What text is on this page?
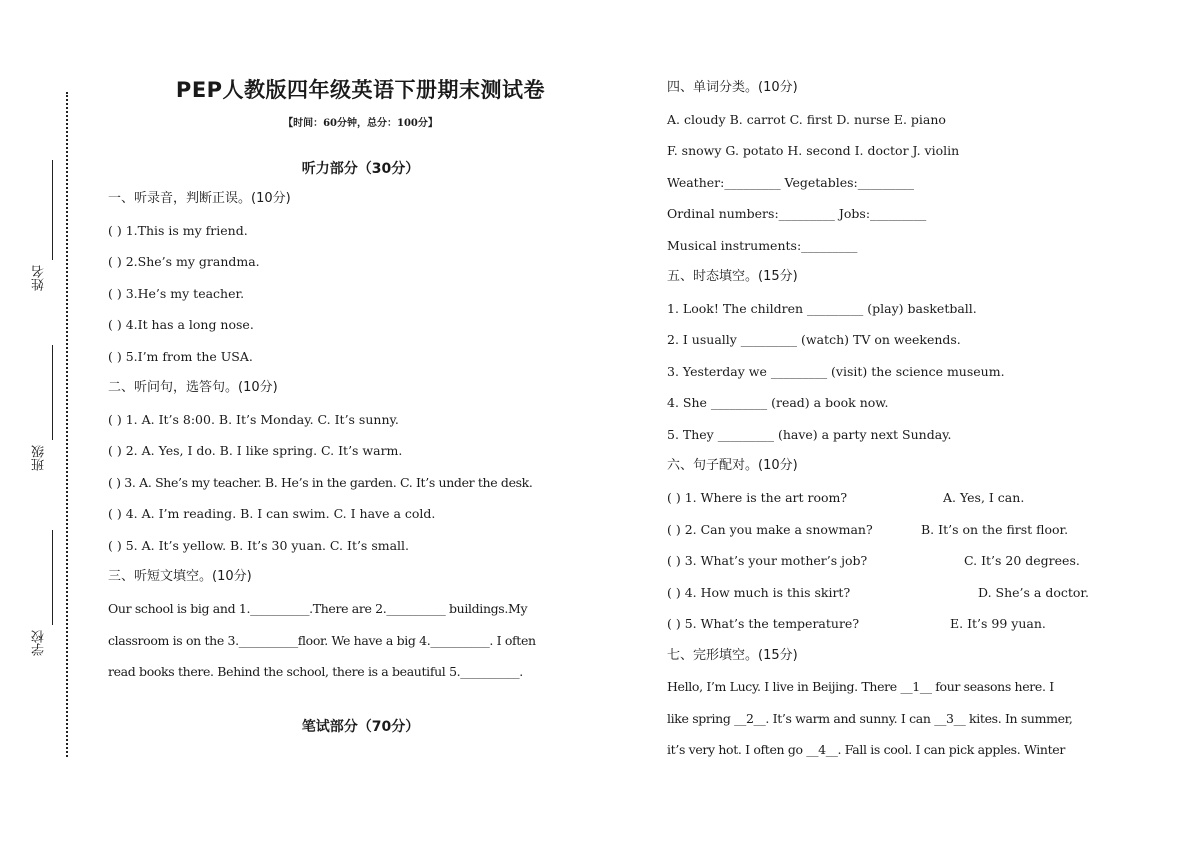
姓名
班级
学校
PEP人教版四年级英语下册期末测试卷
【时间：60分钟，总分：100分】
听力部分（30分）
一、听录音，判断正误。(10分)
( ) 1.This is my friend.
( ) 2.She’s my grandma.
( ) 3.He’s my teacher.
( ) 4.It has a long nose.
( ) 5.I’m from the USA.
二、听问句，选答句。(10分)
( ) 1. A. It’s 8:00. B. It’s Monday. C. It’s sunny.
( ) 2. A. Yes, I do. B. I like spring. C. It’s warm.
( ) 3. A. She’s my teacher. B. He’s in the garden. C. It’s under the desk.
( ) 4. A. I’m reading. B. I can swim. C. I have a cold.
( ) 5. A. It’s yellow. B. It’s 30 yuan. C. It’s small.
三、听短文填空。(10分)
Our school is big and 1.__________.There are 2.__________ buildings.My
classroom is on the 3.__________floor. We have a big 4.__________. I often
read books there. Behind the school, there is a beautiful 5.__________.
笔试部分（70分）
四、单词分类。(10分)
A. cloudy B. carrot C. first D. nurse E. piano
F. snowy G. potato H. second I. doctor J. violin
Weather:_________ Vegetables:_________
Ordinal numbers:_________ Jobs:_________
Musical instruments:_________
五、时态填空。(15分)
1. Look! The children _________ (play) basketball.
2. I usually _________ (watch) TV on weekends.
3. Yesterday we _________ (visit) the science museum.
4. She _________ (read) a book now.
5. They _________ (have) a party next Sunday.
六、句子配对。(10分)
( ) 1. Where is the art room?	A. Yes, I can.
( ) 2. Can you make a snowman?	B. It’s on the first floor.
( ) 3. What’s your mother’s job?	C. It’s 20 degrees.
( ) 4. How much is this skirt?	D. She’s a doctor.
( ) 5. What’s the temperature?	E. It’s 99 yuan.
七、完形填空。(15分)
Hello, I’m Lucy. I live in Beijing. There __1__ four seasons here. I
like spring __2__. It’s warm and sunny. I can __3__ kites. In summer,
it’s very hot. I often go __4__. Fall is cool. I can pick apples. Winter
